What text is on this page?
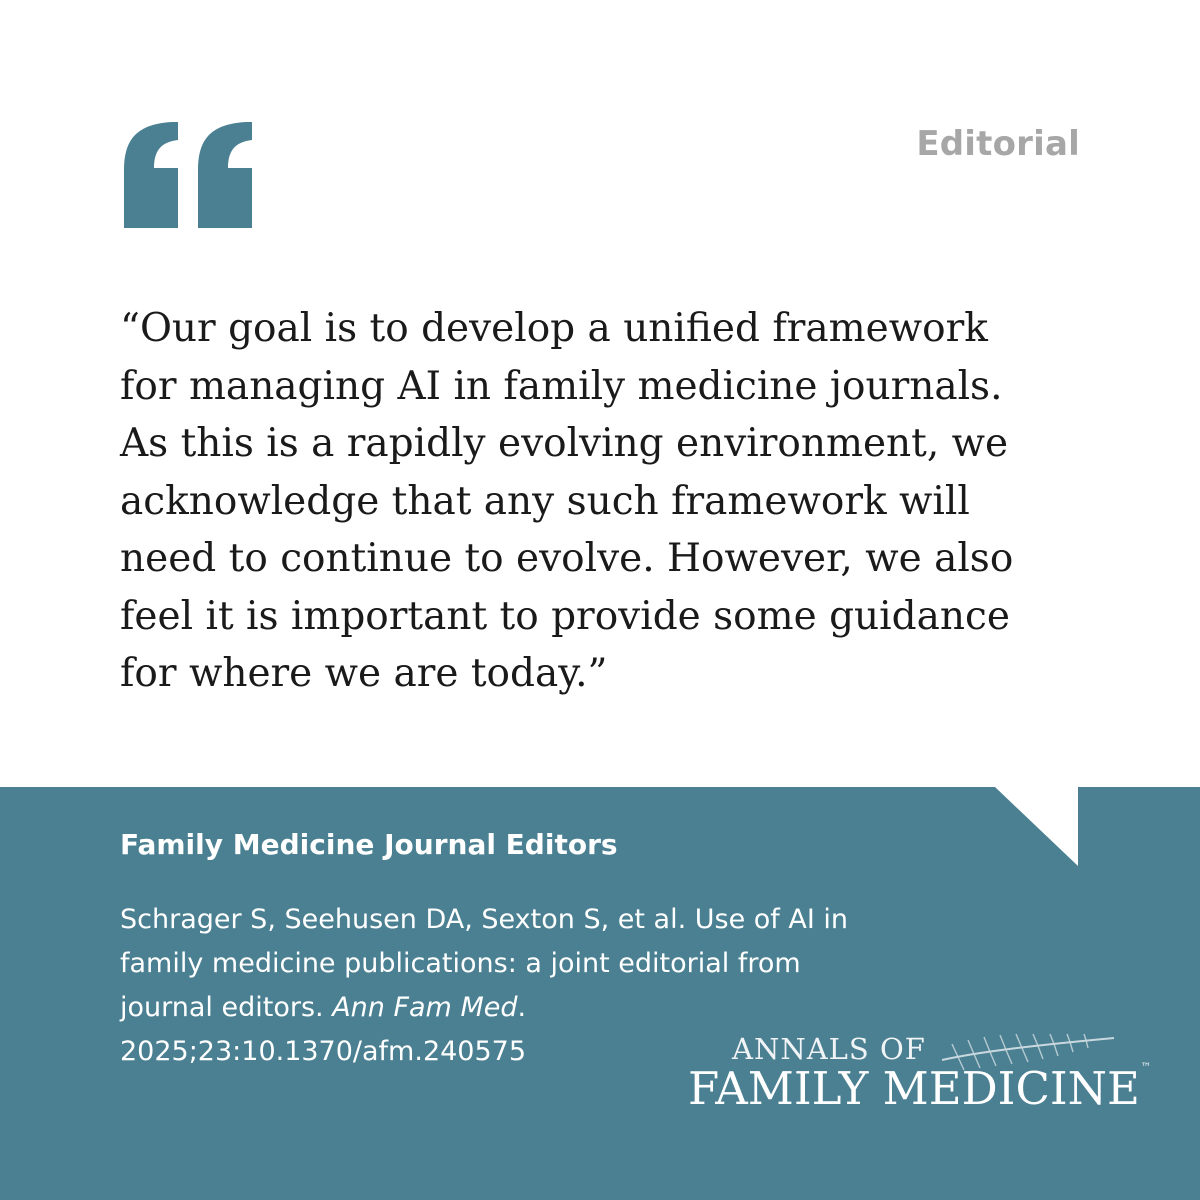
Editorial
“Our goal is to develop a unified framework
for managing AI in family medicine journals.
As this is a rapidly evolving environment, we
acknowledge that any such framework will
need to continue to evolve. However, we also
feel it is important to provide some guidance
for where we are today.”
Family Medicine Journal Editors
Schrager S, Seehusen DA, Sexton S, et al. Use of AI in
family medicine publications: a joint editorial from
journal editors. Ann Fam Med.
2025;23:10.1370/afm.240575	ANNALS OF
FAMILY MEDICINE™
